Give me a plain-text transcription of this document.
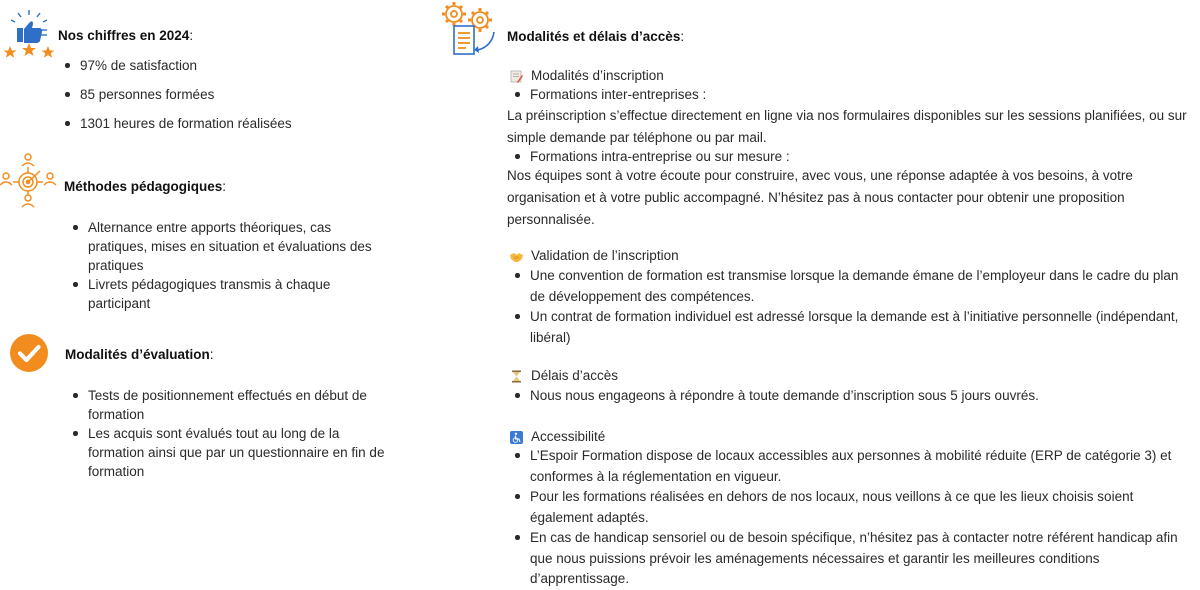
Nos chiffres en 2024 :
97% de satisfaction
85 personnes formées
1301 heures de formation réalisées
Méthodes pédagogiques :
Alternance entre apports théoriques, cas pratiques, mises en situation et évaluations des pratiques
Livrets pédagogiques transmis à chaque participant
Modalités d’évaluation :
Tests de positionnement effectués en début de formation
Les acquis sont évalués tout au long de la formation ainsi que par un questionnaire en fin de formation
Modalités et délais d’accès :
Modalités d’inscription
Formations inter-entreprises :

La préinscription s’effectue directement en ligne via nos formulaires disponibles sur les sessions planifiées, ou sur simple demande par téléphone ou par mail.

Formations intra-entreprise ou sur mesure :

Nos équipes sont à votre écoute pour construire, avec vous, une réponse adaptée à vos besoins, à votre organisation et à votre public accompagné. N’hésitez pas à nous contacter pour obtenir une proposition personnalisée.

Validation de l’inscription
Une convention de formation est transmise lorsque la demande émane de l’employeur dans le cadre du plan de développement des compétences.
Un contrat de formation individuel est adressé lorsque la demande est à l’initiative personnelle (indépendant, libéral)
Délais d’accès
Nous nous engageons à répondre à toute demande d’inscription sous 5 jours ouvrés.
Accessibilité
L’Espoir Formation dispose de locaux accessibles aux personnes à mobilité réduite (ERP de catégorie 3) et conformes à la réglementation en vigueur.
Pour les formations réalisées en dehors de nos locaux, nous veillons à ce que les lieux choisis soient également adaptés.
En cas de handicap sensoriel ou de besoin spécifique, n’hésitez pas à contacter notre référent handicap afin que nous puissions prévoir les aménagements nécessaires et garantir les meilleures conditions d’apprentissage.
